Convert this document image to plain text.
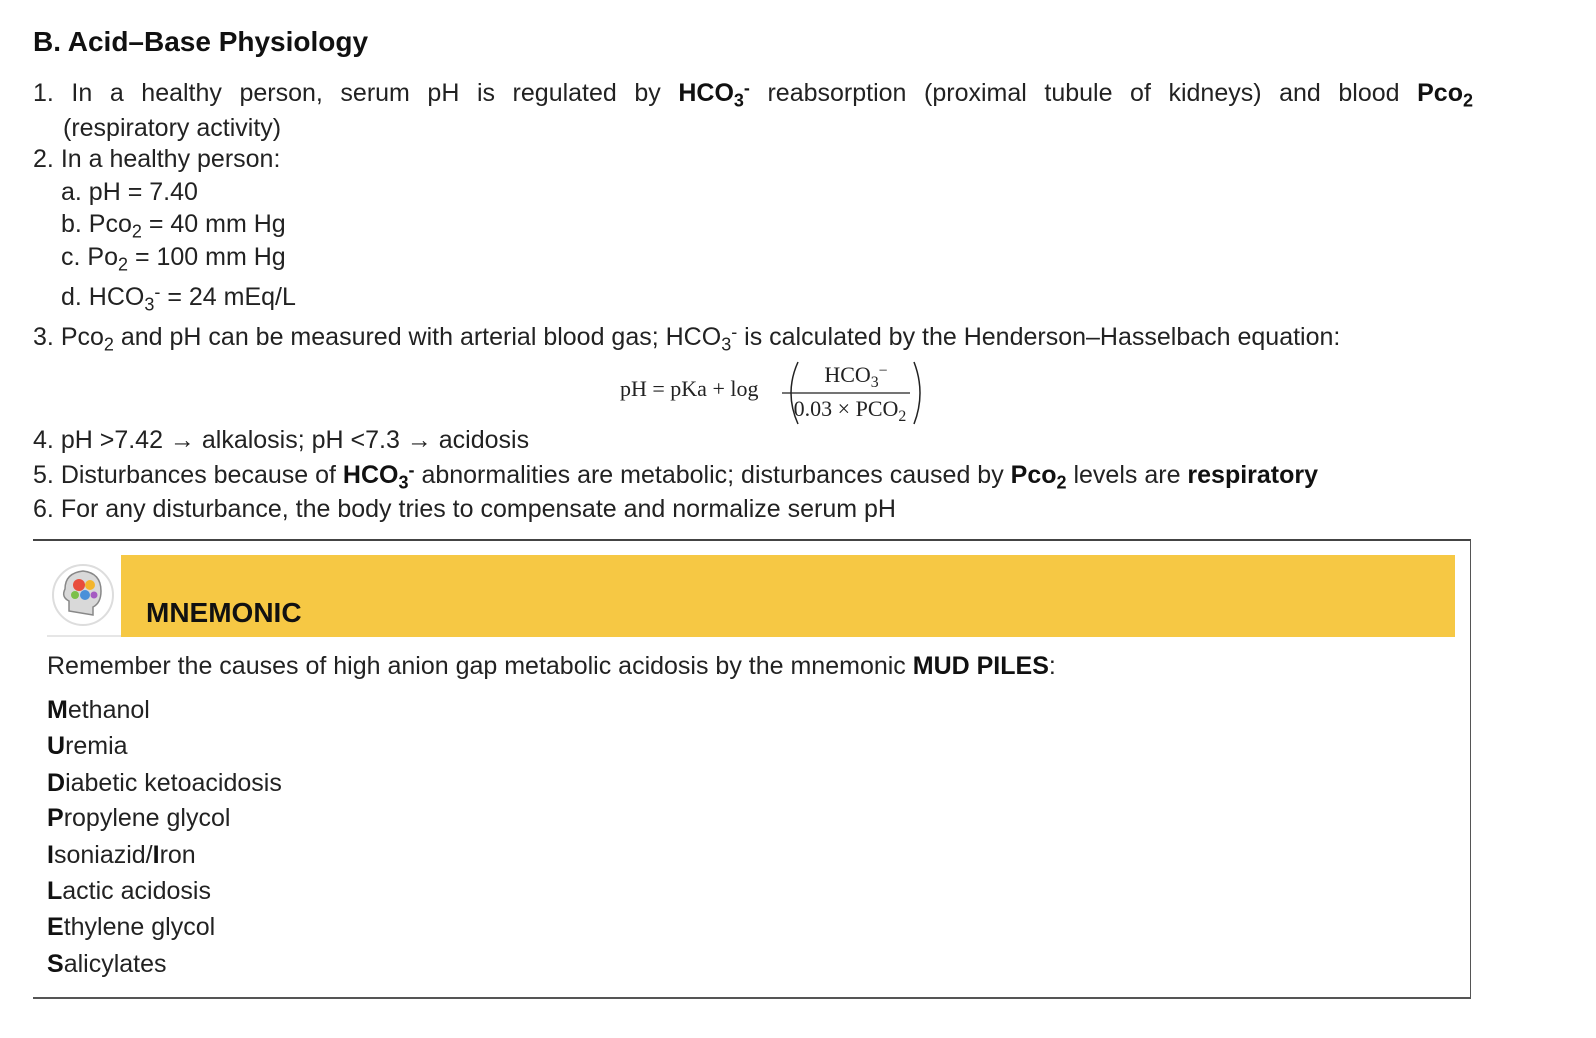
B. Acid–Base Physiology
1. In a healthy person, serum pH is regulated by $HCO_3^-$ reabsorption (proximal tubule of kidneys) and blood Pco$_2$
(respiratory activity)
2. In a healthy person:
a. pH = 7.40
b. Pco$_2$ = 40 mm Hg
c. $Po_2 = 100$ mm Hg
d. $HCO_3^- = 24$ mEq/L
3. Pco$_2$ and pH can be measured with arterial blood gas; $HCO_3^-$ is calculated by the Henderson–Hasselbach equation:
pH = pKa + log
$HCO_3^-$
$0.03 \times PCO_2$
4. pH >7.42 → alkalosis; pH <7.3 → acidosis
5. Disturbances because of $HCO_3^-$ abnormalities are metabolic; disturbances caused by Pco$_2$ levels are respiratory
6. For any disturbance, the body tries to compensate and normalize serum pH
MNEMONIC
Remember the causes of high anion gap metabolic acidosis by the mnemonic MUD PILES:
Methanol
Uremia
Diabetic ketoacidosis
Propylene glycol
Isoniazid/Iron
Lactic acidosis
Ethylene glycol
Salicylates
